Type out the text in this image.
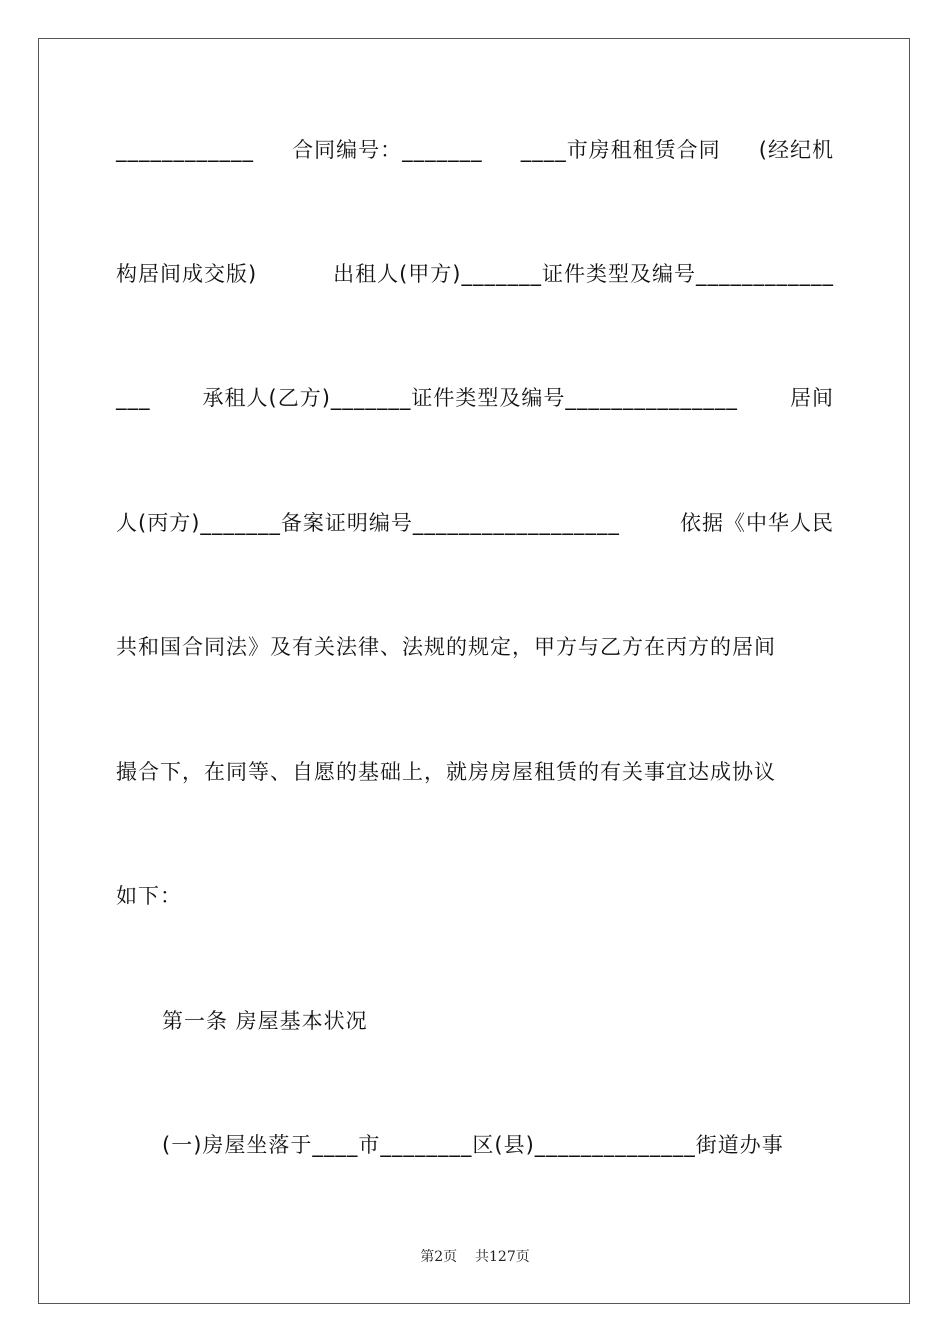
____________ 合同编号：_______ ____市房租租赁合同 (经纪机
构居间成交版)	出租人(甲方)_______证件类型及编号____________
___ 承租人(乙方)_______证件类型及编号_______________ 居间
人(丙方)_______备案证明编号__________________	依据《中华人民
共和国合同法》及有关法律、法规的规定，甲方与乙方在丙方的居间
撮合下，在同等、自愿的基础上，就房房屋租赁的有关事宜达成协议
如下：
第一条 房屋基本状况
(一)房屋坐落于____市________区(县)______________街道办事
第2页 共127页
